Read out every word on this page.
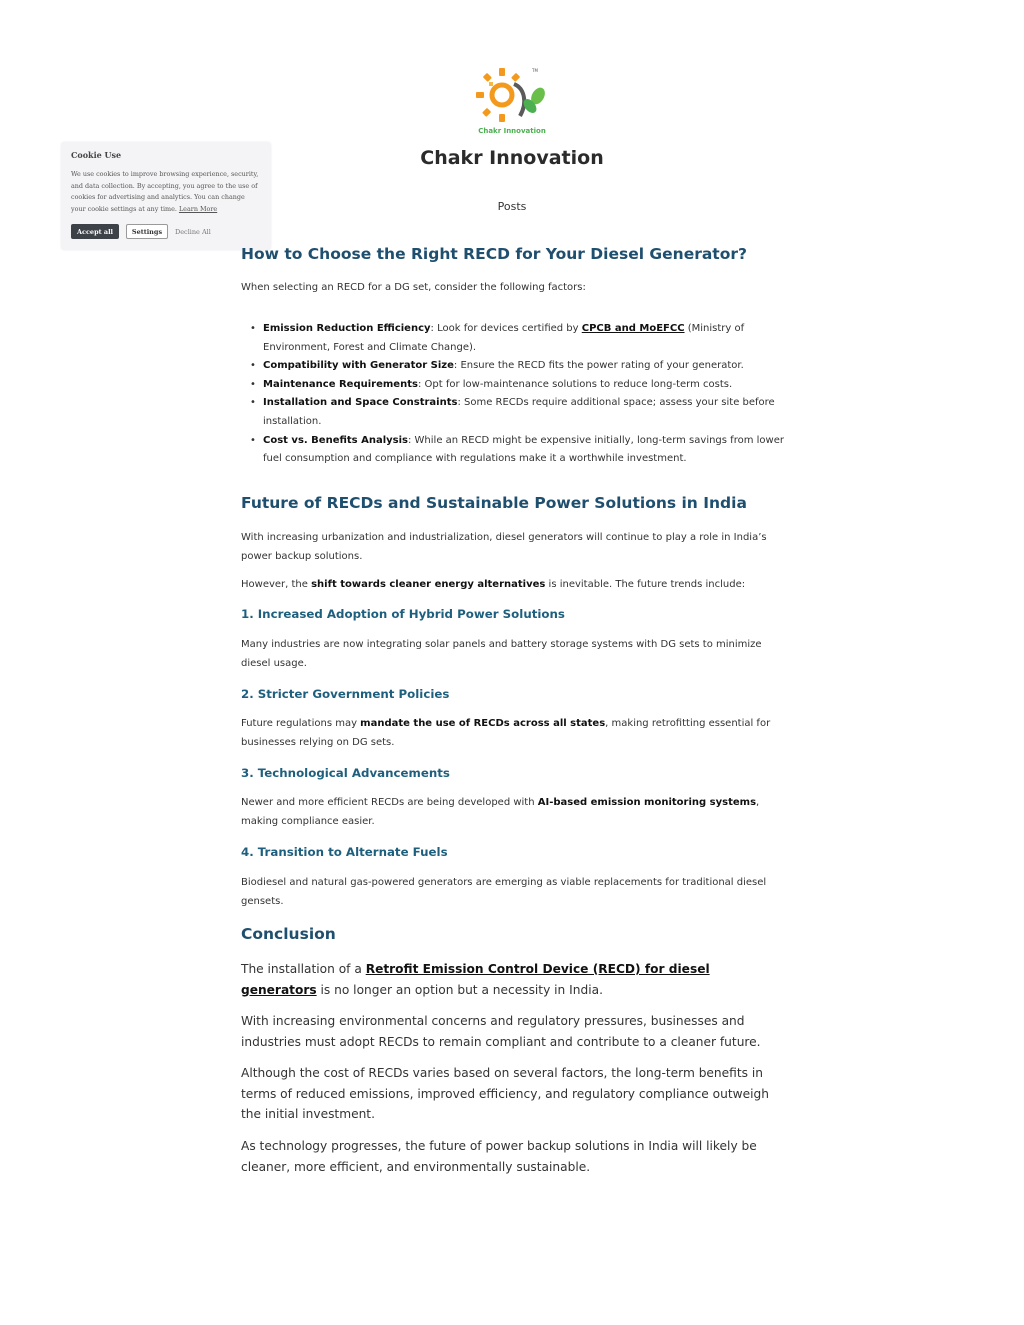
TM
Chakr Innovation
Chakr Innovation
Posts
Cookie Use
We use cookies to improve browsing experience, security, and data collection. By accepting, you agree to the use of cookies for advertising and analytics. You can change your cookie settings at any time. Learn More
Accept all	Settings	Decline All
How to Choose the Right RECD for Your Diesel Generator?
When selecting an RECD for a DG set, consider the following factors:
• Emission Reduction Efficiency: Look for devices certified by CPCB and MoEFCC (Ministry of Environment, Forest and Climate Change).
• Compatibility with Generator Size: Ensure the RECD fits the power rating of your generator.
• Maintenance Requirements: Opt for low-maintenance solutions to reduce long-term costs.
• Installation and Space Constraints: Some RECDs require additional space; assess your site before installation.
• Cost vs. Benefits Analysis: While an RECD might be expensive initially, long-term savings from lower fuel consumption and compliance with regulations make it a worthwhile investment.
Future of RECDs and Sustainable Power Solutions in India
With increasing urbanization and industrialization, diesel generators will continue to play a role in India’s power backup solutions.
However, the shift towards cleaner energy alternatives is inevitable. The future trends include:
1. Increased Adoption of Hybrid Power Solutions
Many industries are now integrating solar panels and battery storage systems with DG sets to minimize diesel usage.
2. Stricter Government Policies
Future regulations may mandate the use of RECDs across all states, making retrofitting essential for businesses relying on DG sets.
3. Technological Advancements
Newer and more efficient RECDs are being developed with AI-based emission monitoring systems, making compliance easier.
4. Transition to Alternate Fuels
Biodiesel and natural gas-powered generators are emerging as viable replacements for traditional diesel gensets.
Conclusion
The installation of a Retrofit Emission Control Device (RECD) for diesel generators is no longer an option but a necessity in India.
With increasing environmental concerns and regulatory pressures, businesses and industries must adopt RECDs to remain compliant and contribute to a cleaner future.
Although the cost of RECDs varies based on several factors, the long-term benefits in terms of reduced emissions, improved efficiency, and regulatory compliance outweigh the initial investment.
As technology progresses, the future of power backup solutions in India will likely be cleaner, more efficient, and environmentally sustainable.
